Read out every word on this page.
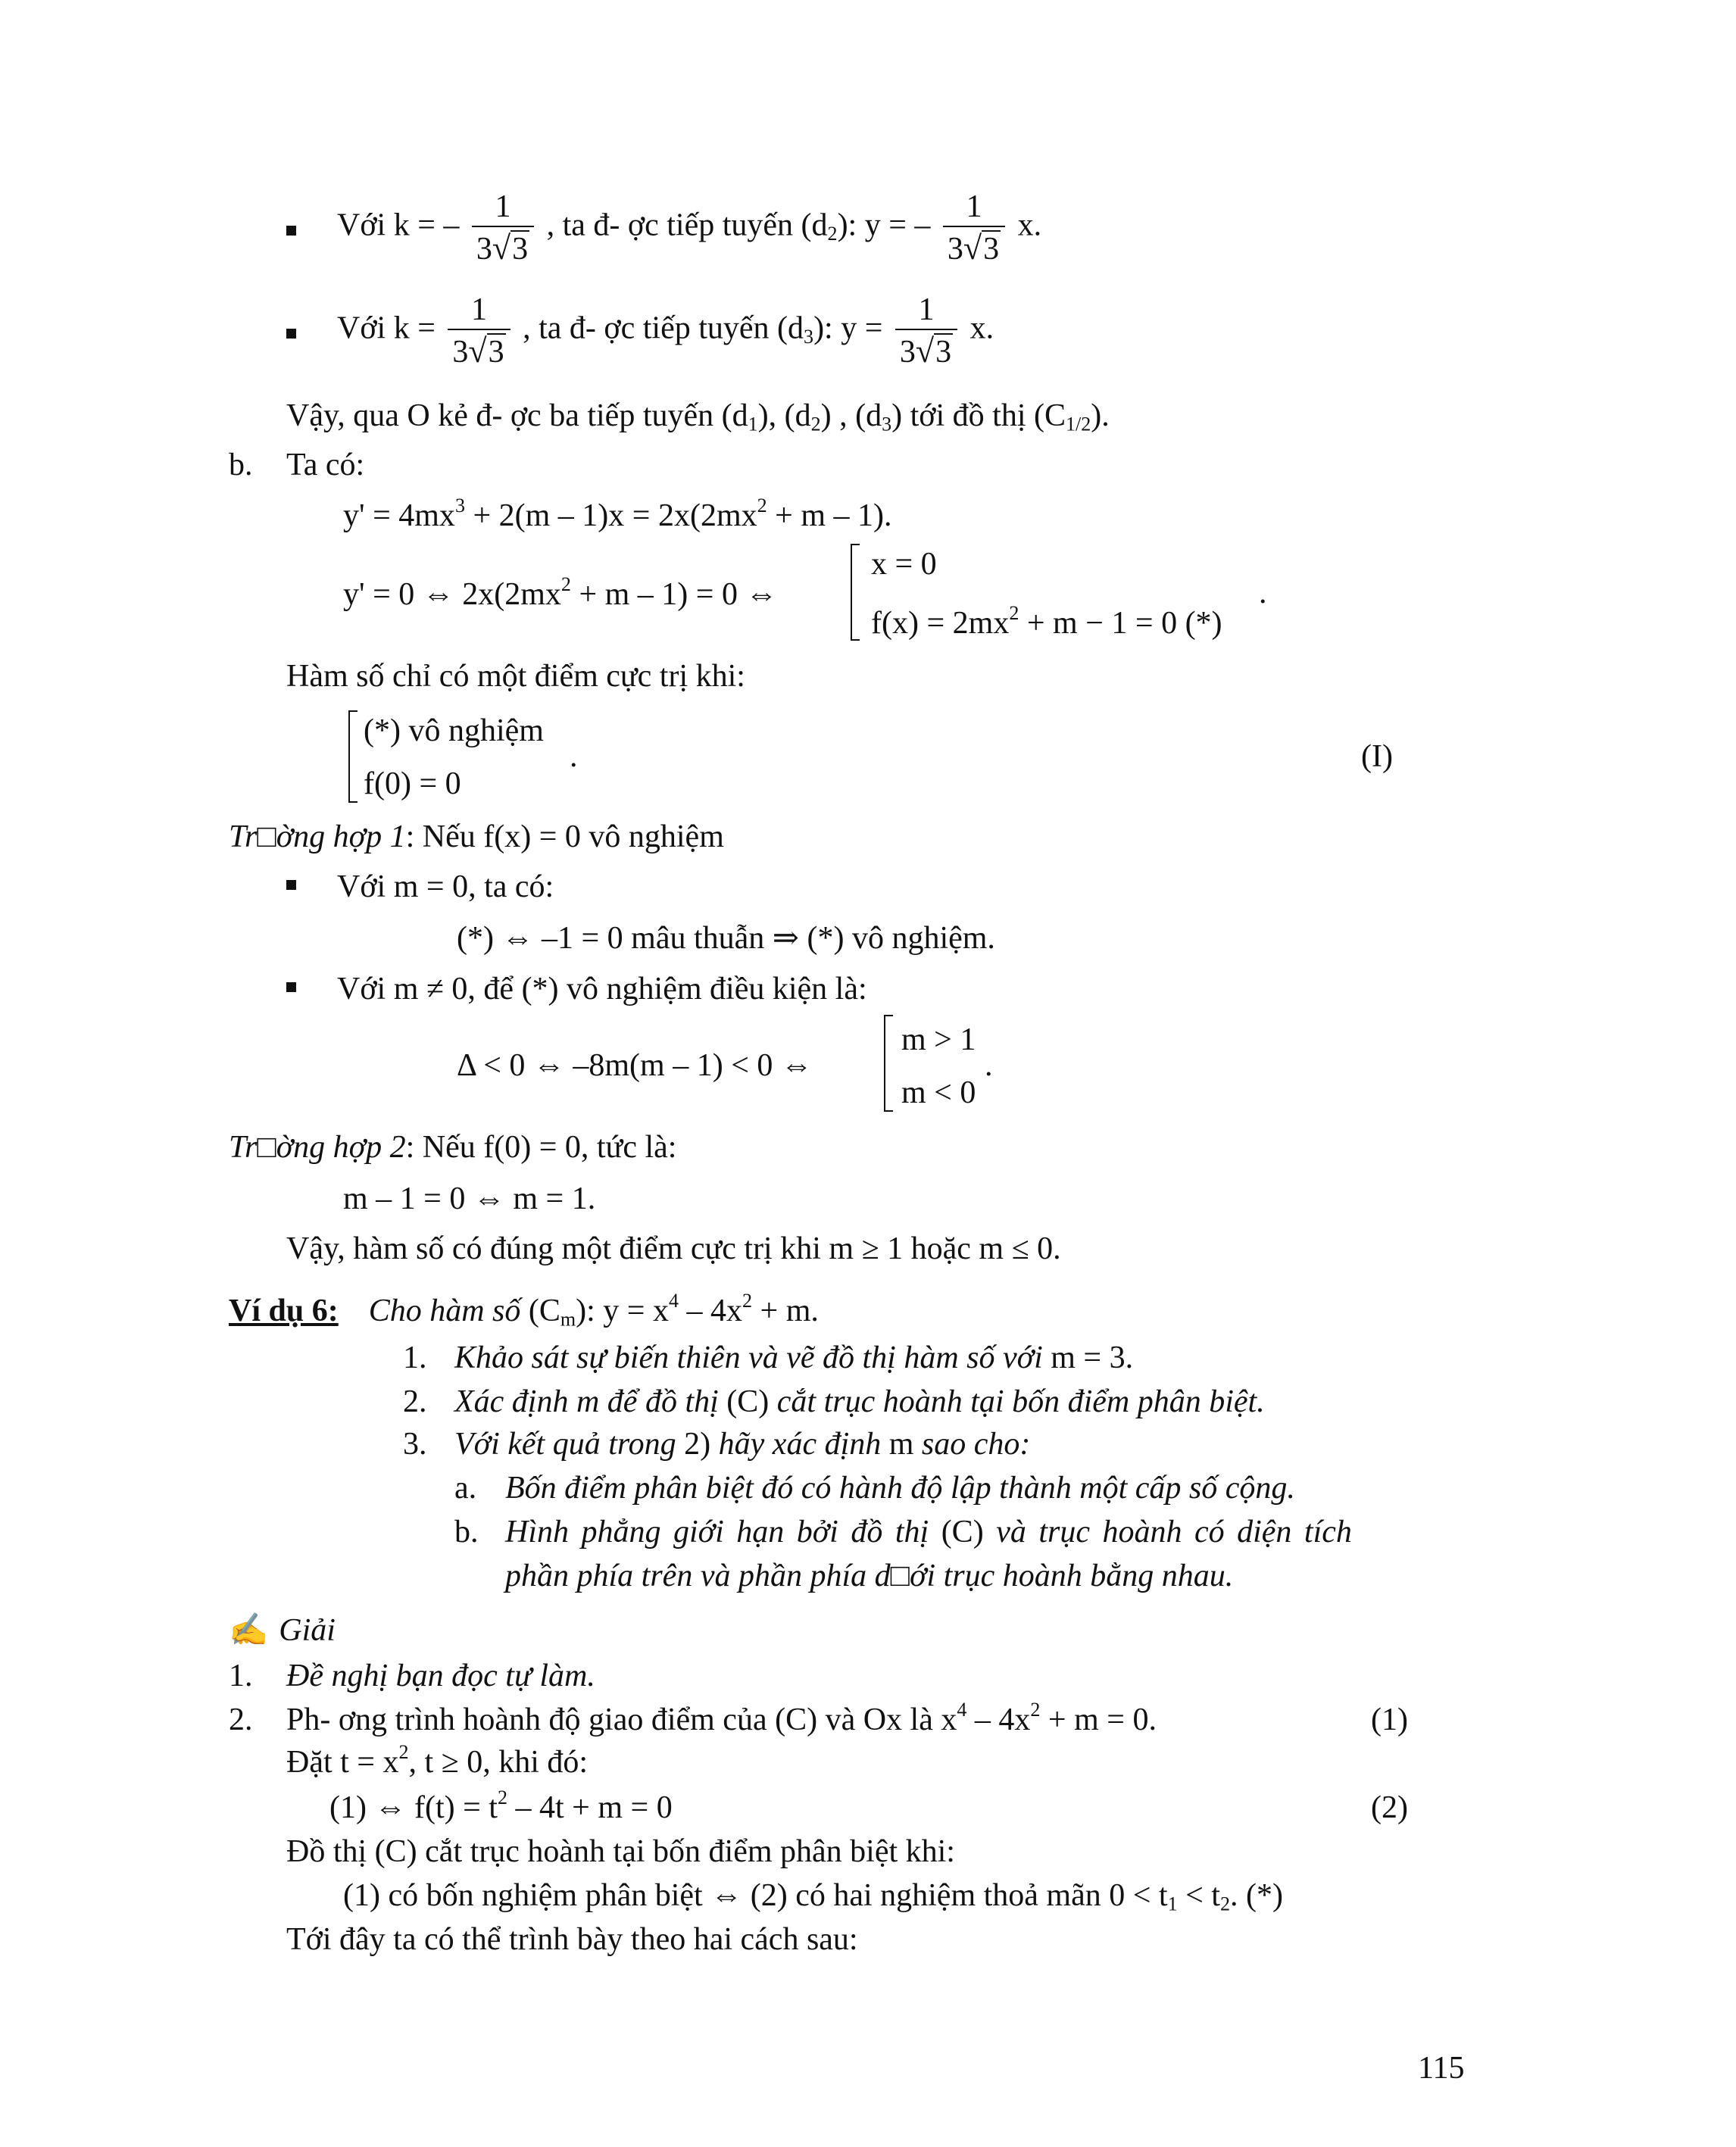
Với k = – $\frac{1}{3√3}$ , ta đ- ợc tiếp tuyến $(d_2)$: y = – $\frac{1}{3√3} x$.
Với $k = \frac{1}{3√3}$ , ta đ- ợc tiếp tuyến $(d_3)$: $y = \frac{1}{3√3} x$.
Vậy, qua O kẻ đ- ợc ba tiếp tuyến $(d_1)$, $(d_2)$ , $(d_3)$ tới đồ thị $(C_{1/2})$.
b. Ta có:
$y' = 4mx^3 + 2(m - 1)x = 2x(2mx^2 + m - 1)$.
y' = 0 ⇔ $2x(2mx^2 + m - 1) = 0$ ⇔
x = 0
$f(x) = 2mx^2 + m - 1 = 0$ (*)
.
Hàm số chỉ có một điểm cực trị khi:
(*) vô nghiệm
f(0) = 0
.	(I)
Tr□ờng hợp 1: Nếu f(x) = 0 vô nghiệm
Với m = 0, ta có:
(*) ⇔ –1 = 0 mâu thuẫn ⇒ (*) vô nghiệm.
Với m ≠ 0, để (*) vô nghiệm điều kiện là:
Δ < 0 ⇔ –8m(m – 1) < 0 ⇔
m > 1
m < 0
.
Tr□ờng hợp 2: Nếu f(0) = 0, tức là:
m – 1 = 0 ⇔ m = 1.
Vậy, hàm số có đúng một điểm cực trị khi m ≥ 1 hoặc m ≤ 0.
Ví dụ 6: Cho hàm số $(C_m)$: $y = x^4 - 4x^2 + m$.
1. Khảo sát sự biến thiên và vẽ đồ thị hàm số với m = 3.
2. Xác định m để đồ thị (C) cắt trục hoành tại bốn điểm phân biệt.
3. Với kết quả trong 2) hãy xác định m sao cho:
a. Bốn điểm phân biệt đó có hành độ lập thành một cấp số cộng.
b. Hình phẳng giới hạn bởi đồ thị (C) và trục hoành có diện tích
phần phía trên và phần phía d□ới trục hoành bằng nhau.
✍ Giải
1. Đề nghị bạn đọc tự làm.
2. Ph- ơng trình hoành độ giao điểm của (C) và Ox là $x^4 - 4x^2 + m = 0$.	(1)
Đặt $t = x^2$, t ≥ 0, khi đó:
(1) ⇔ $f(t) = t^2 - 4t + m = 0$	(2)
Đồ thị (C) cắt trục hoành tại bốn điểm phân biệt khi:
(1) có bốn nghiệm phân biệt ⇔ (2) có hai nghiệm thoả mãn $0 < t_1 < t_2$. (*)
Tới đây ta có thể trình bày theo hai cách sau:
115
